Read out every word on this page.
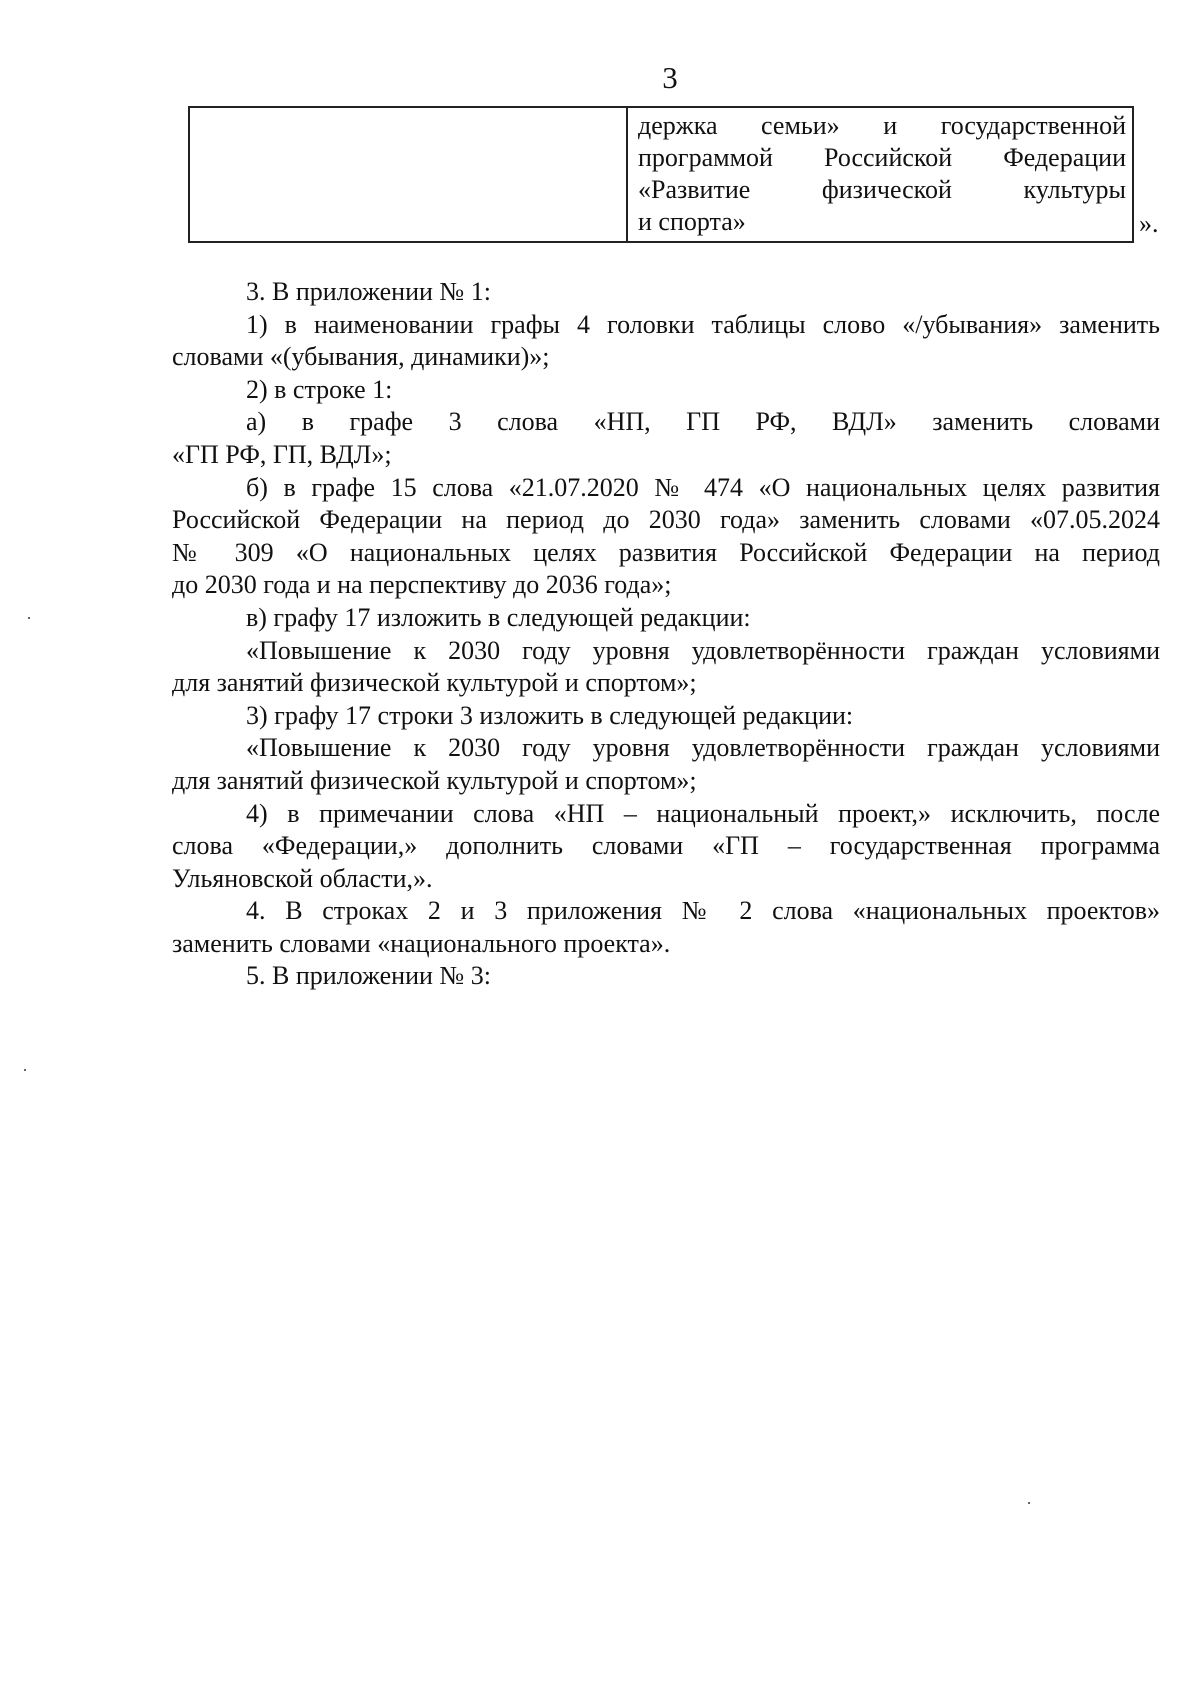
3
держка семьи» и государственной
программой Российской Федерации
«Развитие физической культуры
и спорта»	».
3. В приложении № 1:
1) в наименовании графы 4 головки таблицы слово «/убывания» заменить
словами «(убывания, динамики)»;
2) в строке 1:
а) в графе 3 слова «НП, ГП РФ, ВДЛ» заменить словами
«ГП РФ, ГП, ВДЛ»;
б) в графе 15 слова «21.07.2020 № 474 «О национальных целях развития
Российской Федерации на период до 2030 года» заменить словами «07.05.2024
№ 309 «О национальных целях развития Российской Федерации на период
до 2030 года и на перспективу до 2036 года»;
в) графу 17 изложить в следующей редакции:
«Повышение к 2030 году уровня удовлетворённости граждан условиями
для занятий физической культурой и спортом»;
3) графу 17 строки 3 изложить в следующей редакции:
«Повышение к 2030 году уровня удовлетворённости граждан условиями
для занятий физической культурой и спортом»;
4) в примечании слова «НП – национальный проект,» исключить, после
слова «Федерации,» дополнить словами «ГП – государственная программа
Ульяновской области,».
4. В строках 2 и 3 приложения № 2 слова «национальных проектов»
заменить словами «национального проекта».
5. В приложении № 3:
